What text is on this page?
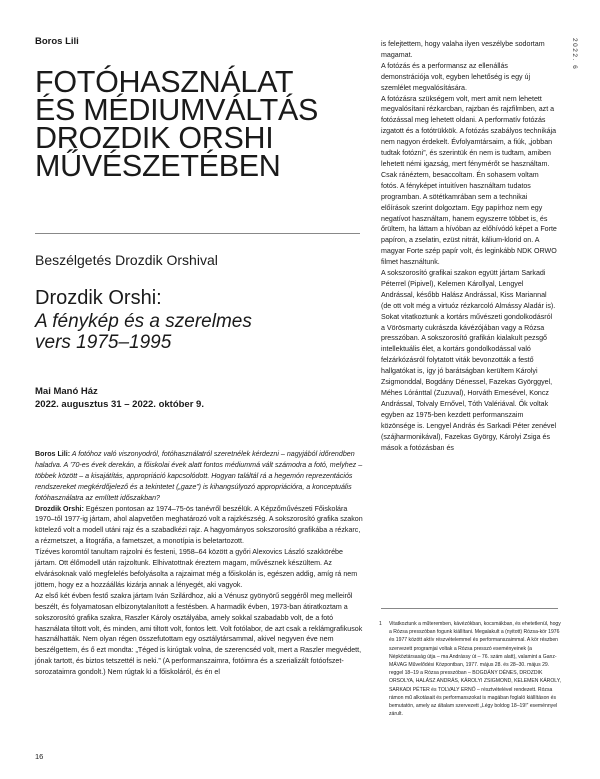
Boros Lili	2022. 6
FOTÓHASZNÁLAT
ÉS MÉDIUMVÁLTÁS
DROZDIK ORSHI
MŰVÉSZETÉBEN
Beszélgetés Drozdik Orshival
Drozdik Orshi:
A fénykép és a szerelmes
vers 1975–1995
Mai Manó Ház
2022. augusztus 31 – 2022. október 9.

Boros Lili: A fotóhoz való viszonyodról, fotóhasználatról szeretnélek kérdezni – nagyjából időrendben haladva. A ’70-es évek derekán, a főiskolai évek alatt fontos médiummá vált számodra a fotó, melyhez – többek között – a kisajátítás, appropriáció kapcsolódott. Hogyan találtál rá a hegemón reprezentációs rendszereket megkérdőjelező és a tekintetet („gaze”) is kihangsúlyozó appropriációra, a konceptuális fotóhasználatra az említett időszakban?

Drozdik Orshi: Egészen pontosan az 1974–75-ös tanévről beszélük. A Képzőművészeti Főiskolára 1970–től 1977-ig jártam, ahol alapvetően meghatározó volt a rajzkészség. A sokszorosító grafika szakon kötelező volt a modell utáni rajz és a szabadkézi rajz. A hagyományos sokszorosító grafikába a rézkarc, a rézmetszet, a litográfia, a fametszet, a monotípia is beletartozott.

Tízéves koromtól tanultam rajzolni és festeni, 1958–64 között a győri Alexovics László szakkörébe jártam. Ott élőmodell után rajzoltunk. Elhivatottnak éreztem magam, művésznek készültem. Az elvárásoknak való megfelelés befolyásolta a rajzaimat még a főiskolán is, egészen addig, amíg rá nem jöttem, hogy ez a hozzáállás kizárja annak a lényegét, aki vagyok.

Az első két évben festő szakra jártam Iván Szilárdhoz, aki a Vénusz gyönyörű seggéről meg melleiről beszélt, és folyamatosan elbizonytalanított a festésben. A harmadik évben, 1973-ban átiratkoztam a sokszorosító grafika szakra, Raszler Károly osztályába, amely sokkal szabadabb volt, de a fotó használata tiltott volt, és minden, ami tiltott volt, fontos lett. Volt fotólabor, de azt csak a reklámgrafikusok használhatták. Nem olyan régen összefutottam egy osztálytársammal, akivel negyven éve nem beszélgettem, és ő ezt mondta: „Téged is kirúgtak volna, de szerencséd volt, mert a Raszler megvédett, jónak tartott, és biztos tetszettél is neki.” (A performanszaimra, fotóimra és a szerializált fotóofszet-sorozataimra gondolt.) Nem rúgtak ki a főiskoláról, és én el

is felejtettem, hogy valaha ilyen veszélybe sodortam magamat.

A fotózás és a performansz az ellenállás demonstrációja volt, egyben lehetőség is egy új szemlélet megvalósítására.

A fotózásra szükségem volt, mert amit nem lehetett megvalósítani rézkarcban, rajzban és rajzfilmben, azt a fotózással meg lehetett oldani. A performatív fotózás izgatott és a fotótrükkök. A fotózás szabályos technikája nem nagyon érdekelt. Évfolyamtársaim, a fiúk, „jobban tudtak fotózni”, és szerintük én nem is tudtam, amiben lehetett némi igazság, mert fénymérőt se használtam. Csak ránéztem, besaccoltam. Én sohasem voltam fotós. A fényképet intuitíven használtam tudatos programban. A sötétkamrában sem a technikai előírások szerint dolgoztam. Egy papírhoz nem egy negatívot használtam, hanem egyszerre többet is, és őrültem, ha láttam a hívóban az előhívódó képet a Forte papíron, a zselatin, ezüst nitrát, kálium-klorid on. A magyar Forte szép papír volt, és leginkább NDK ORWO filmet használtunk.

A sokszorosító grafikai szakon együtt jártam Sarkadi Péterrel (Pipivel), Kelemen Károllyal, Lengyel Andrással, később Halász Andrással, Kiss Mariannal (de ott volt még a virtuóz rézkarcoló Almássy Aladár is). Sokat vitatkoztunk a kortárs művészeti gondolkodásról a Vörösmarty cukrászda kávézójában vagy a Rózsa presszóban. A sokszorosító grafikán kialakult pezsgő intellektuális élet, a kortárs gondolkodással való felzárkózásról folytatott viták bevonzották a festő hallgatókat is, így jó barátságban kerültem Károlyi Zsigmonddal, Bogdány Dénessel, Fazekas Györggyel, Méhes Lóránttal (Zuzuval), Horváth Emesével, Koncz Andrással, Tolvaly Ernővel, Tóth Valériával. Ők voltak egyben az 1975-ben kezdett performanszaim közönsége is. Lengyel András és Sarkadi Péter zenével (szájharmonikával), Fazekas György, Károlyi Zsiga és mások a fotózásban és

1 Vitatkoztunk a műteremben, kávézókban, kocsmákban, és ehetetlenül, hogy a Rózsa presszóban fogunk kiállítani. Megalakult a (nyitott) Rózsa-kör 1976 és 1977 között aktív részvételemmel és performanszaimmal. A kör részben szervezett programjai voltak a Rózsa presszó eseményeinek (a Népköztársaság útja – ma Andrássy út – 76. szám alatt), valamint a Ganz-MÁVAG Művelődési Központban, 1977. május 28. és 28–30. május 29. reggel 18–19 a Rózsa presszóban – BOGDÁNY DÉNES, DROZDIK ORSOLYA, HALÁSZ ANDRÁS, KÁROLYI ZSIGMOND, KELEMEN KÁROLY, SARKADI PÉTER és TOLVALY ERNŐ – résztvételével rendezett. Rózsa rámon mű alkotásait és performanszokat is magában foglaló kiállításon és bemutatón, amely az általam szervezett „Légy boldog 18–19!” eseménnyel zárult.
16
